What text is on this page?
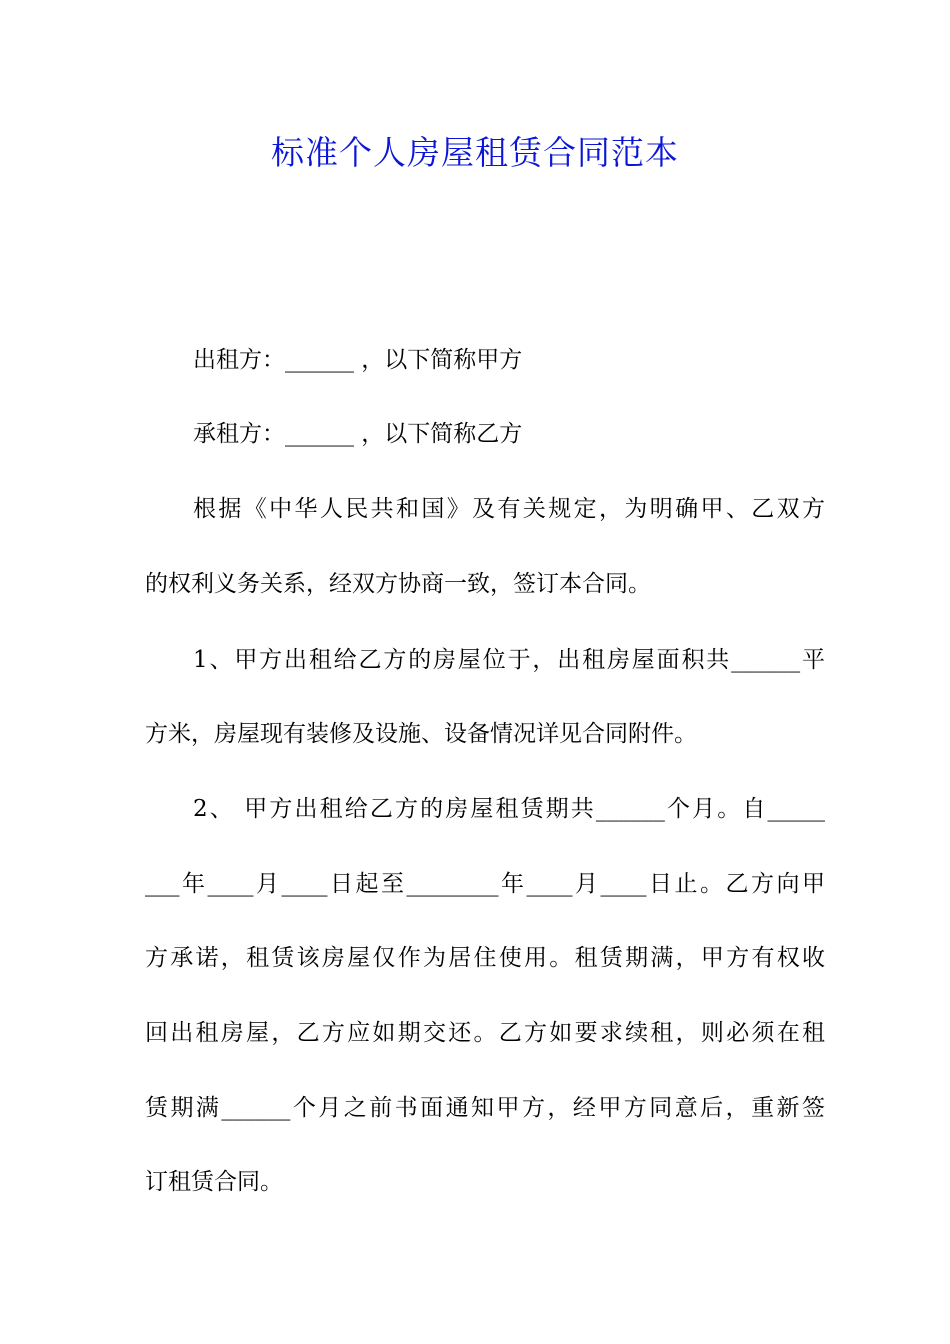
标准个人房屋租赁合同范本
出租方：______ ，以下简称甲方
承租方：______ ，以下简称乙方
根据《中华人民共和国》及有关规定，为明确甲、乙双方
的权利义务关系，经双方协商一致，签订本合同。
1、甲方出租给乙方的房屋位于，出租房屋面积共______平
方米，房屋现有装修及设施、设备情况详见合同附件。
2、 甲方出租给乙方的房屋租赁期共______个月。自_____
___年____月____日起至________年____月____日止。乙方向甲
方承诺，租赁该房屋仅作为居住使用。租赁期满，甲方有权收
回出租房屋，乙方应如期交还。乙方如要求续租，则必须在租
赁期满______个月之前书面通知甲方，经甲方同意后，重新签
订租赁合同。
